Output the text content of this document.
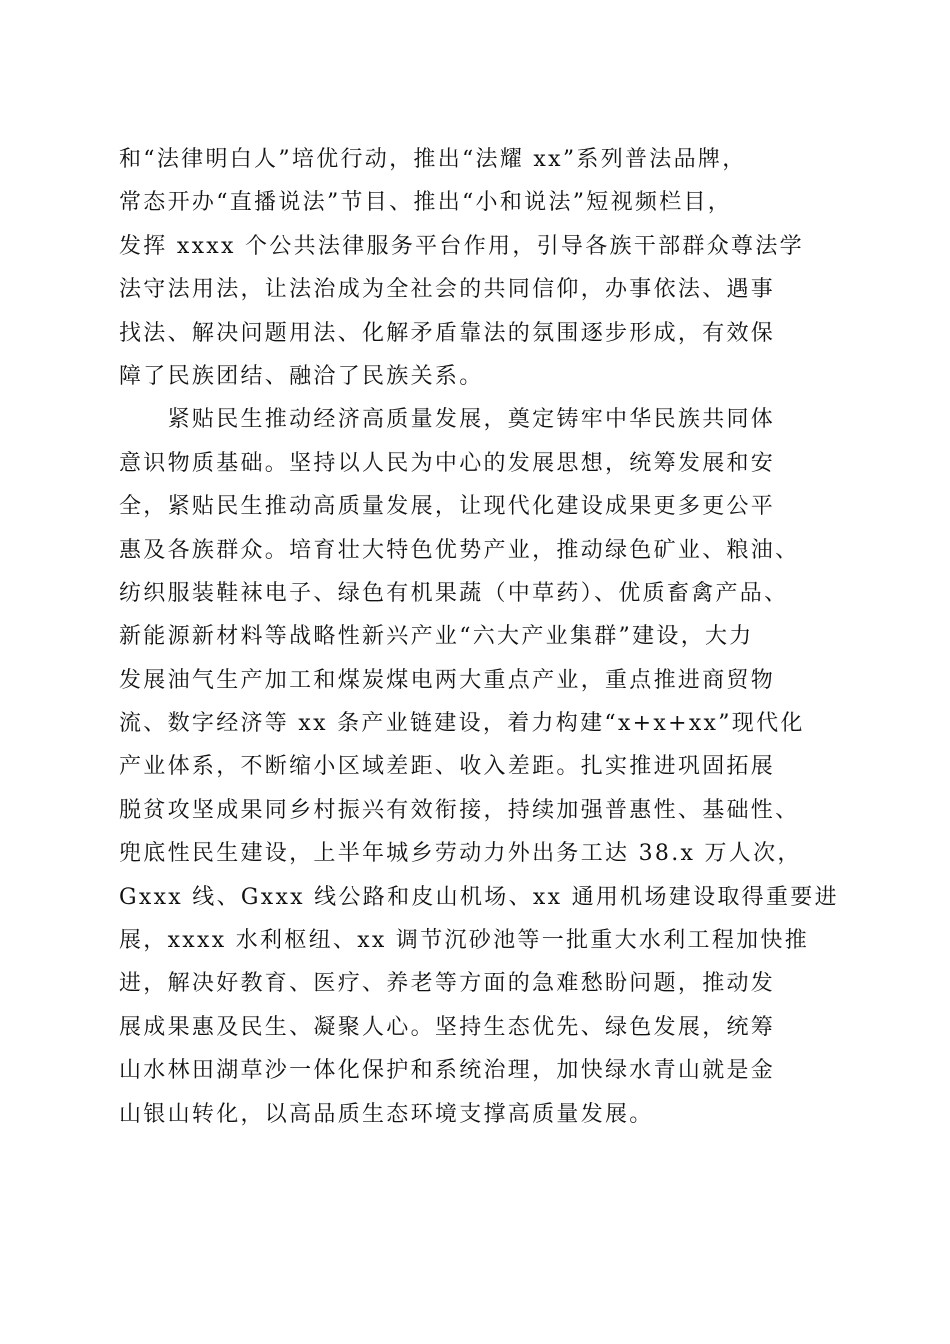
和“法律明白人”培优行动，推出“法耀 xx”系列普法品牌，
常态开办“直播说法”节目、推出“小和说法”短视频栏目，
发挥 xxxx 个公共法律服务平台作用，引导各族干部群众尊法学
法守法用法，让法治成为全社会的共同信仰，办事依法、遇事
找法、解决问题用法、化解矛盾靠法的氛围逐步形成，有效保
障了民族团结、融洽了民族关系。
　　紧贴民生推动经济高质量发展，奠定铸牢中华民族共同体
意识物质基础。坚持以人民为中心的发展思想，统筹发展和安
全，紧贴民生推动高质量发展，让现代化建设成果更多更公平
惠及各族群众。培育壮大特色优势产业，推动绿色矿业、粮油、
纺织服装鞋袜电子、绿色有机果蔬（中草药）、优质畜禽产品、
新能源新材料等战略性新兴产业“六大产业集群”建设，大力
发展油气生产加工和煤炭煤电两大重点产业，重点推进商贸物
流、数字经济等 xx 条产业链建设，着力构建“x+x+xx”现代化
产业体系，不断缩小区域差距、收入差距。扎实推进巩固拓展
脱贫攻坚成果同乡村振兴有效衔接，持续加强普惠性、基础性、
兜底性民生建设，上半年城乡劳动力外出务工达 38.x 万人次，
Gxxx 线、Gxxx 线公路和皮山机场、xx 通用机场建设取得重要进
展，xxxx 水利枢纽、xx 调节沉砂池等一批重大水利工程加快推
进，解决好教育、医疗、养老等方面的急难愁盼问题，推动发
展成果惠及民生、凝聚人心。坚持生态优先、绿色发展，统筹
山水林田湖草沙一体化保护和系统治理，加快绿水青山就是金
山银山转化，以高品质生态环境支撑高质量发展。
